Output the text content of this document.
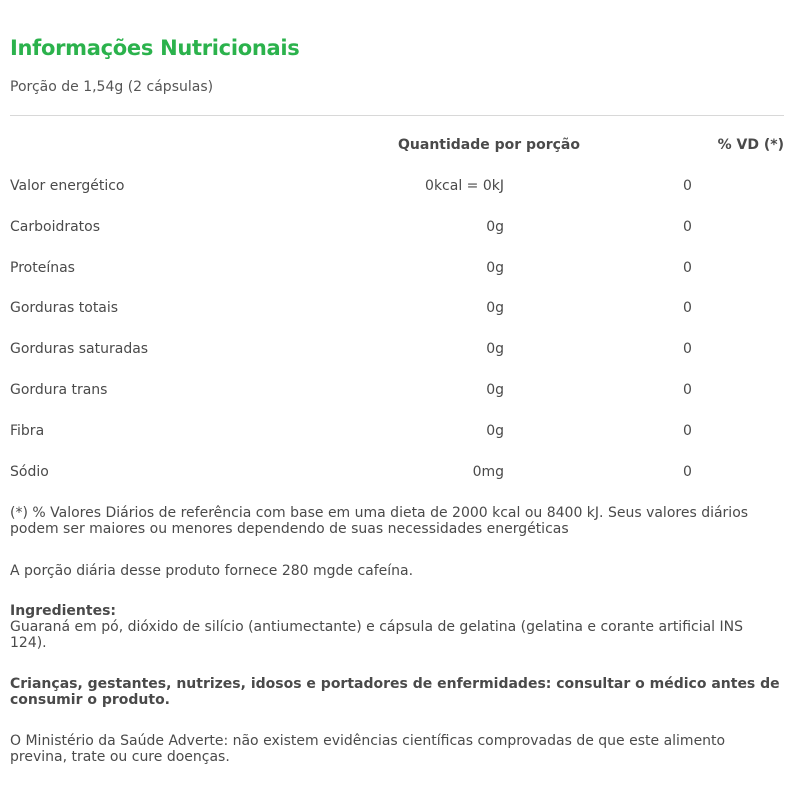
Informações Nutricionais
Porção de 1,54g (2 cápsulas)
Quantidade por porção	% VD (*)
Valor energético	0kcal = 0kJ	0
Carboidratos	0g	0
Proteínas	0g	0
Gorduras totais	0g	0
Gorduras saturadas	0g	0
Gordura trans	0g	0
Fibra	0g	0
Sódio	0mg	0
(*) % Valores Diários de referência com base em uma dieta de 2000 kcal ou 8400 kJ. Seus valores diários podem ser maiores ou menores dependendo de suas necessidades energéticas
A porção diária desse produto fornece 280 mgde cafeína.
Ingredientes:
Guaraná em pó, dióxido de silício (antiumectante) e cápsula de gelatina (gelatina e corante artificial INS 124).
Crianças, gestantes, nutrizes, idosos e portadores de enfermidades: consultar o médico antes de consumir o produto.
O Ministério da Saúde Adverte: não existem evidências científicas comprovadas de que este alimento previna, trate ou cure doenças.
